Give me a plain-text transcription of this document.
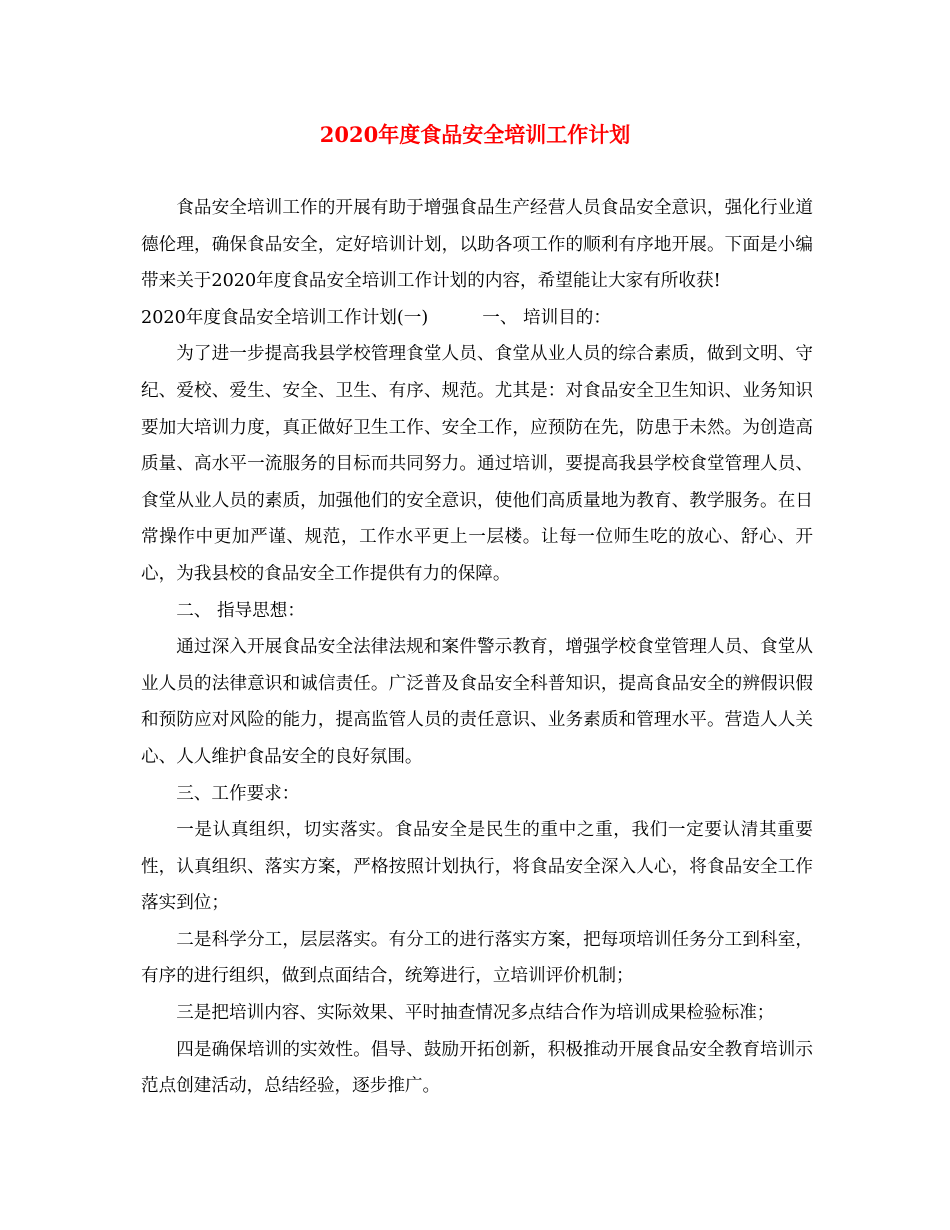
2020年度食品安全培训工作计划

食品安全培训工作的开展有助于增强食品生产经营人员食品安全意识，强化行业道德伦理，确保食品安全，定好培训计划，以助各项工作的顺利有序地开展。下面是小编带来关于2020年度食品安全培训工作计划的内容，希望能让大家有所收获!

2020年度食品安全培训工作计划(一)	一、 培训目的：

为了进一步提高我县学校管理食堂人员、食堂从业人员的综合素质，做到文明、守纪、爱校、爱生、安全、卫生、有序、规范。尤其是：对食品安全卫生知识、业务知识要加大培训力度，真正做好卫生工作、安全工作，应预防在先，防患于未然。为创造高质量、高水平一流服务的目标而共同努力。通过培训，要提高我县学校食堂管理人员、食堂从业人员的素质，加强他们的安全意识，使他们高质量地为教育、教学服务。在日常操作中更加严谨、规范，工作水平更上一层楼。让每一位师生吃的放心、舒心、开心，为我县校的食品安全工作提供有力的保障。

二、 指导思想：

通过深入开展食品安全法律法规和案件警示教育，增强学校食堂管理人员、食堂从业人员的法律意识和诚信责任。广泛普及食品安全科普知识，提高食品安全的辨假识假和预防应对风险的能力，提高监管人员的责任意识、业务素质和管理水平。营造人人关心、人人维护食品安全的良好氛围。

三、工作要求：

一是认真组织，切实落实。食品安全是民生的重中之重，我们一定要认清其重要性，认真组织、落实方案，严格按照计划执行，将食品安全深入人心，将食品安全工作落实到位；

二是科学分工，层层落实。有分工的进行落实方案，把每项培训任务分工到科室，有序的进行组织，做到点面结合，统筹进行，立培训评价机制；

三是把培训内容、实际效果、平时抽查情况多点结合作为培训成果检验标准；

四是确保培训的实效性。倡导、鼓励开拓创新，积极推动开展食品安全教育培训示范点创建活动，总结经验，逐步推广。
